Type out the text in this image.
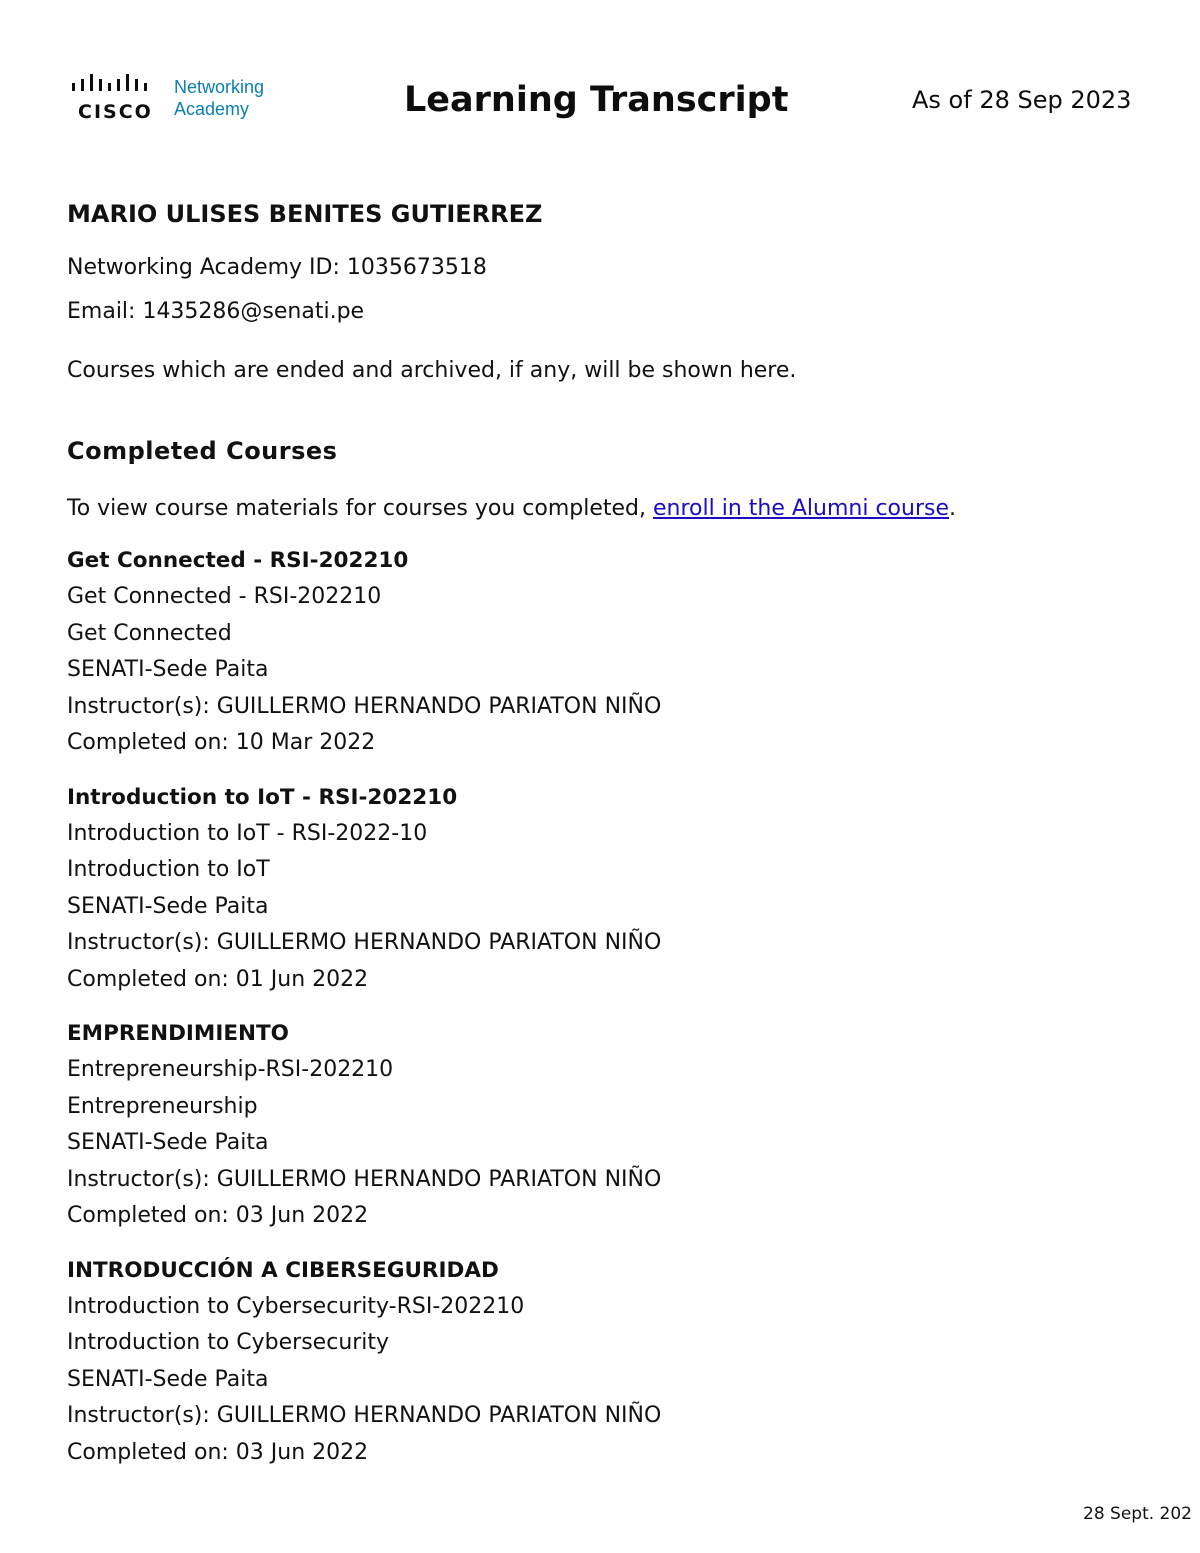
CISCO
Networking
Academy	Learning Transcript	As of 28 Sep 2023

MARIO ULISES BENITES GUTIERREZ

Networking Academy ID: 1035673518

Email: 1435286@senati.pe

Courses which are ended and archived, if any, will be shown here.
Completed Courses
To view course materials for courses you completed, enroll in the Alumni course.

Get Connected - RSI-202210

Get Connected - RSI-202210

Get Connected

SENATI-Sede Paita

Instructor(s): GUILLERMO HERNANDO PARIATON NIÑO

Completed on: 10 Mar 2022

Introduction to IoT - RSI-202210

Introduction to IoT - RSI-2022-10

Introduction to IoT

SENATI-Sede Paita

Instructor(s): GUILLERMO HERNANDO PARIATON NIÑO

Completed on: 01 Jun 2022

EMPRENDIMIENTO

Entrepreneurship-RSI-202210

Entrepreneurship

SENATI-Sede Paita

Instructor(s): GUILLERMO HERNANDO PARIATON NIÑO

Completed on: 03 Jun 2022

INTRODUCCIÓN A CIBERSEGURIDAD

Introduction to Cybersecurity-RSI-202210

Introduction to Cybersecurity

SENATI-Sede Paita

Instructor(s): GUILLERMO HERNANDO PARIATON NIÑO

Completed on: 03 Jun 2022

28 Sept. 202
